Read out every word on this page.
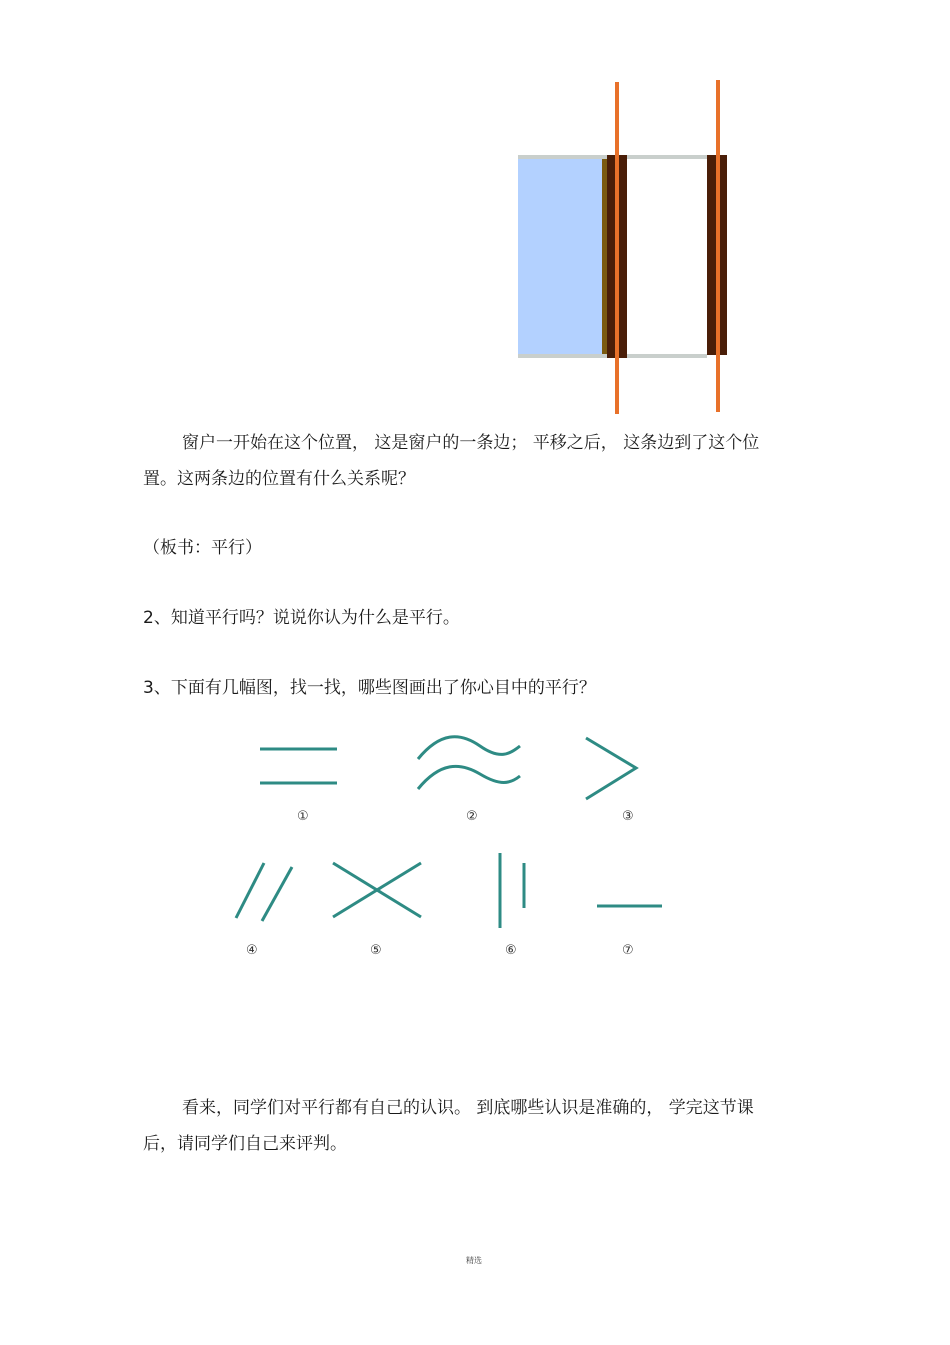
窗户一开始在这个位置， 这是窗户的一条边； 平移之后， 这条边到了这个位
置。这两条边的位置有什么关系呢？
（板书：平行）
2、知道平行吗？说说你认为什么是平行。
3、下面有几幅图，找一找，哪些图画出了你心目中的平行？
①	②	③
④	⑤	⑥	⑦
看来，同学们对平行都有自己的认识。 到底哪些认识是准确的， 学完这节课
后，请同学们自己来评判。
精选
